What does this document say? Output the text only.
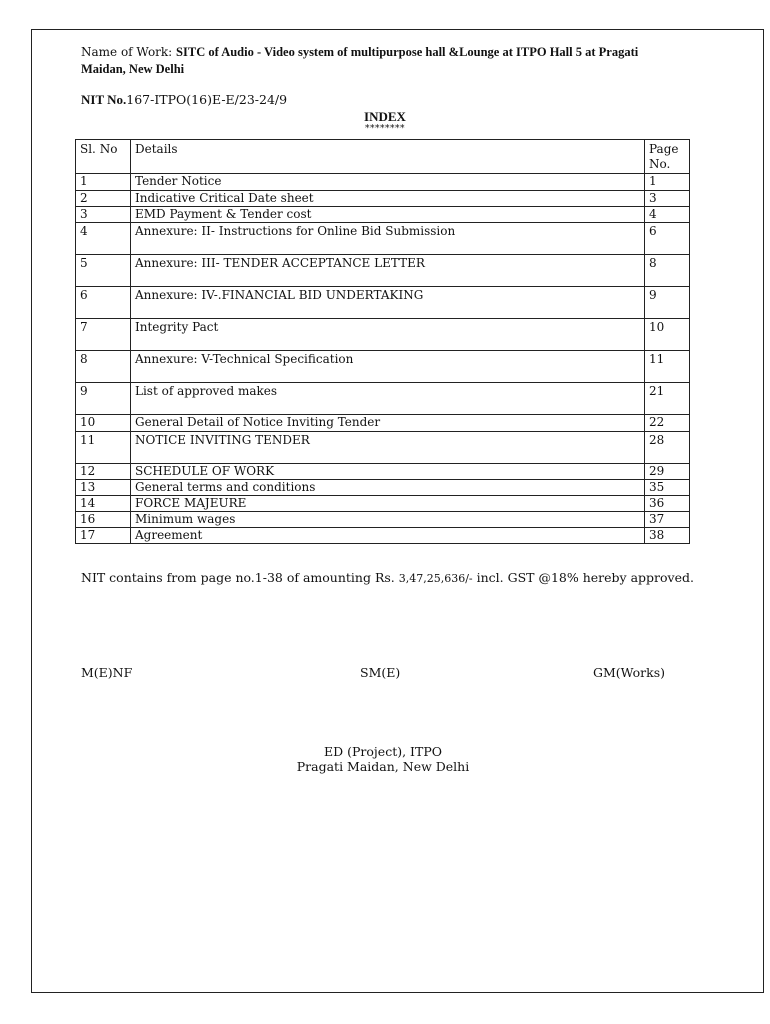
Name of Work: SITC of Audio - Video system of multipurpose hall &Lounge at ITPO Hall 5 at Pragati Maidan, New Delhi
NIT No.167-ITPO(16)E-E/23-24/9
INDEX
********
Sl. No	Details	Page No.
1	Tender Notice	1
2	Indicative Critical Date sheet	3
3	EMD Payment & Tender cost	4
4	Annexure: II- Instructions for Online Bid Submission	6
5	Annexure: III- TENDER ACCEPTANCE LETTER	8
6	Annexure: IV-.FINANCIAL BID UNDERTAKING	9
7	Integrity Pact	10
8	Annexure: V-Technical Specification	11
9	List of approved makes	21
10	General Detail of Notice Inviting Tender	22
11	NOTICE INVITING TENDER	28
12	SCHEDULE OF WORK	29
13	General terms and conditions	35
14	FORCE MAJEURE	36
16	Minimum wages	37
17	Agreement	38
NIT contains from page no.1-38 of amounting Rs. 3,47,25,636/- incl. GST @18% hereby approved.
M(E)NF	SM(E)	GM(Works)
ED (Project), ITPO
Pragati Maidan, New Delhi
